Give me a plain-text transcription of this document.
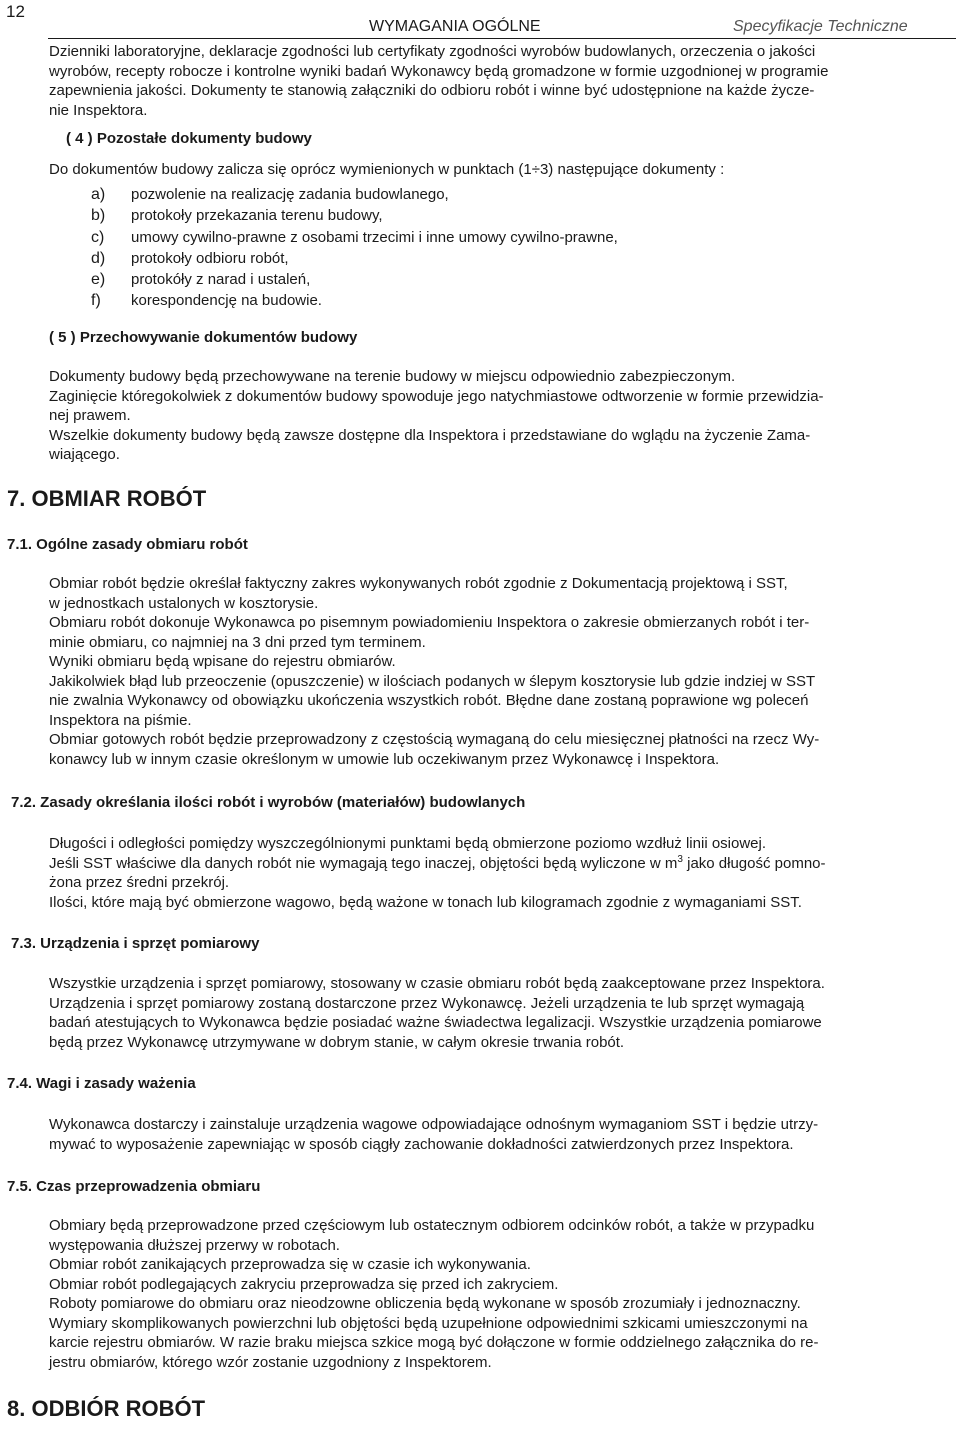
12
WYMAGANIA OGÓLNE	Specyfikacje Techniczne
Dzienniki laboratoryjne, deklaracje zgodności lub certyfikaty zgodności wyrobów budowlanych, orzeczenia o jakości
wyrobów, recepty robocze i kontrolne wyniki badań Wykonawcy będą gromadzone w formie uzgodnionej w programie
zapewnienia jakości. Dokumenty te stanowią załączniki do odbioru robót i winne być udostępnione na każde życze-
nie Inspektora.
( 4 ) Pozostałe dokumenty budowy
Do dokumentów budowy zalicza się oprócz wymienionych w punktach (1÷3) następujące dokumenty :
a) pozwolenie na realizację zadania budowlanego,
b) protokoły przekazania terenu budowy,
c) umowy cywilno-prawne z osobami trzecimi i inne umowy cywilno-prawne,
d) protokoły odbioru robót,
e) protokóły z narad i ustaleń,
f) korespondencję na budowie.
( 5 ) Przechowywanie dokumentów budowy
Dokumenty budowy będą przechowywane na terenie budowy w miejscu odpowiednio zabezpieczonym.
Zaginięcie któregokolwiek z dokumentów budowy spowoduje jego natychmiastowe odtworzenie w formie przewidzia-
nej prawem.
Wszelkie dokumenty budowy będą zawsze dostępne dla Inspektora i przedstawiane do wglądu na życzenie Zama-
wiającego.
7. OBMIAR ROBÓT
7.1. Ogólne zasady obmiaru robót
Obmiar robót będzie określał faktyczny zakres wykonywanych robót zgodnie z Dokumentacją projektową i SST,
w jednostkach ustalonych w kosztorysie.
Obmiaru robót dokonuje Wykonawca po pisemnym powiadomieniu Inspektora o zakresie obmierzanych robót i ter-
minie obmiaru, co najmniej na 3 dni przed tym terminem.
Wyniki obmiaru będą wpisane do rejestru obmiarów.
Jakikolwiek błąd lub przeoczenie (opuszczenie) w ilościach podanych w ślepym kosztorysie lub gdzie indziej w SST
nie zwalnia Wykonawcy od obowiązku ukończenia wszystkich robót. Błędne dane zostaną poprawione wg poleceń
Inspektora na piśmie.
Obmiar gotowych robót będzie przeprowadzony z częstością wymaganą do celu miesięcznej płatności na rzecz Wy-
konawcy lub w innym czasie określonym w umowie lub oczekiwanym przez Wykonawcę i Inspektora.
7.2. Zasady określania ilości robót i wyrobów (materiałów) budowlanych
Długości i odległości pomiędzy wyszczególnionymi punktami będą obmierzone poziomo wzdłuż linii osiowej.
Jeśli SST właściwe dla danych robót nie wymagają tego inaczej, objętości będą wyliczone w $m^3$ jako długość pomno-
żona przez średni przekrój.
Ilości, które mają być obmierzone wagowo, będą ważone w tonach lub kilogramach zgodnie z wymaganiami SST.
7.3. Urządzenia i sprzęt pomiarowy
Wszystkie urządzenia i sprzęt pomiarowy, stosowany w czasie obmiaru robót będą zaakceptowane przez Inspektora.
Urządzenia i sprzęt pomiarowy zostaną dostarczone przez Wykonawcę. Jeżeli urządzenia te lub sprzęt wymagają
badań atestujących to Wykonawca będzie posiadać ważne świadectwa legalizacji. Wszystkie urządzenia pomiarowe
będą przez Wykonawcę utrzymywane w dobrym stanie, w całym okresie trwania robót.
7.4. Wagi i zasady ważenia
Wykonawca dostarczy i zainstaluje urządzenia wagowe odpowiadające odnośnym wymaganiom SST i będzie utrzy-
mywać to wyposażenie zapewniając w sposób ciągły zachowanie dokładności zatwierdzonych przez Inspektora.
7.5. Czas przeprowadzenia obmiaru
Obmiary będą przeprowadzone przed częściowym lub ostatecznym odbiorem odcinków robót, a także w przypadku
występowania dłuższej przerwy w robotach.
Obmiar robót zanikających przeprowadza się w czasie ich wykonywania.
Obmiar robót podlegających zakryciu przeprowadza się przed ich zakryciem.
Roboty pomiarowe do obmiaru oraz nieodzowne obliczenia będą wykonane w sposób zrozumiały i jednoznaczny.
Wymiary skomplikowanych powierzchni lub objętości będą uzupełnione odpowiednimi szkicami umieszczonymi na
karcie rejestru obmiarów. W razie braku miejsca szkice mogą być dołączone w formie oddzielnego załącznika do re-
jestru obmiarów, którego wzór zostanie uzgodniony z Inspektorem.
8. ODBIÓR ROBÓT
